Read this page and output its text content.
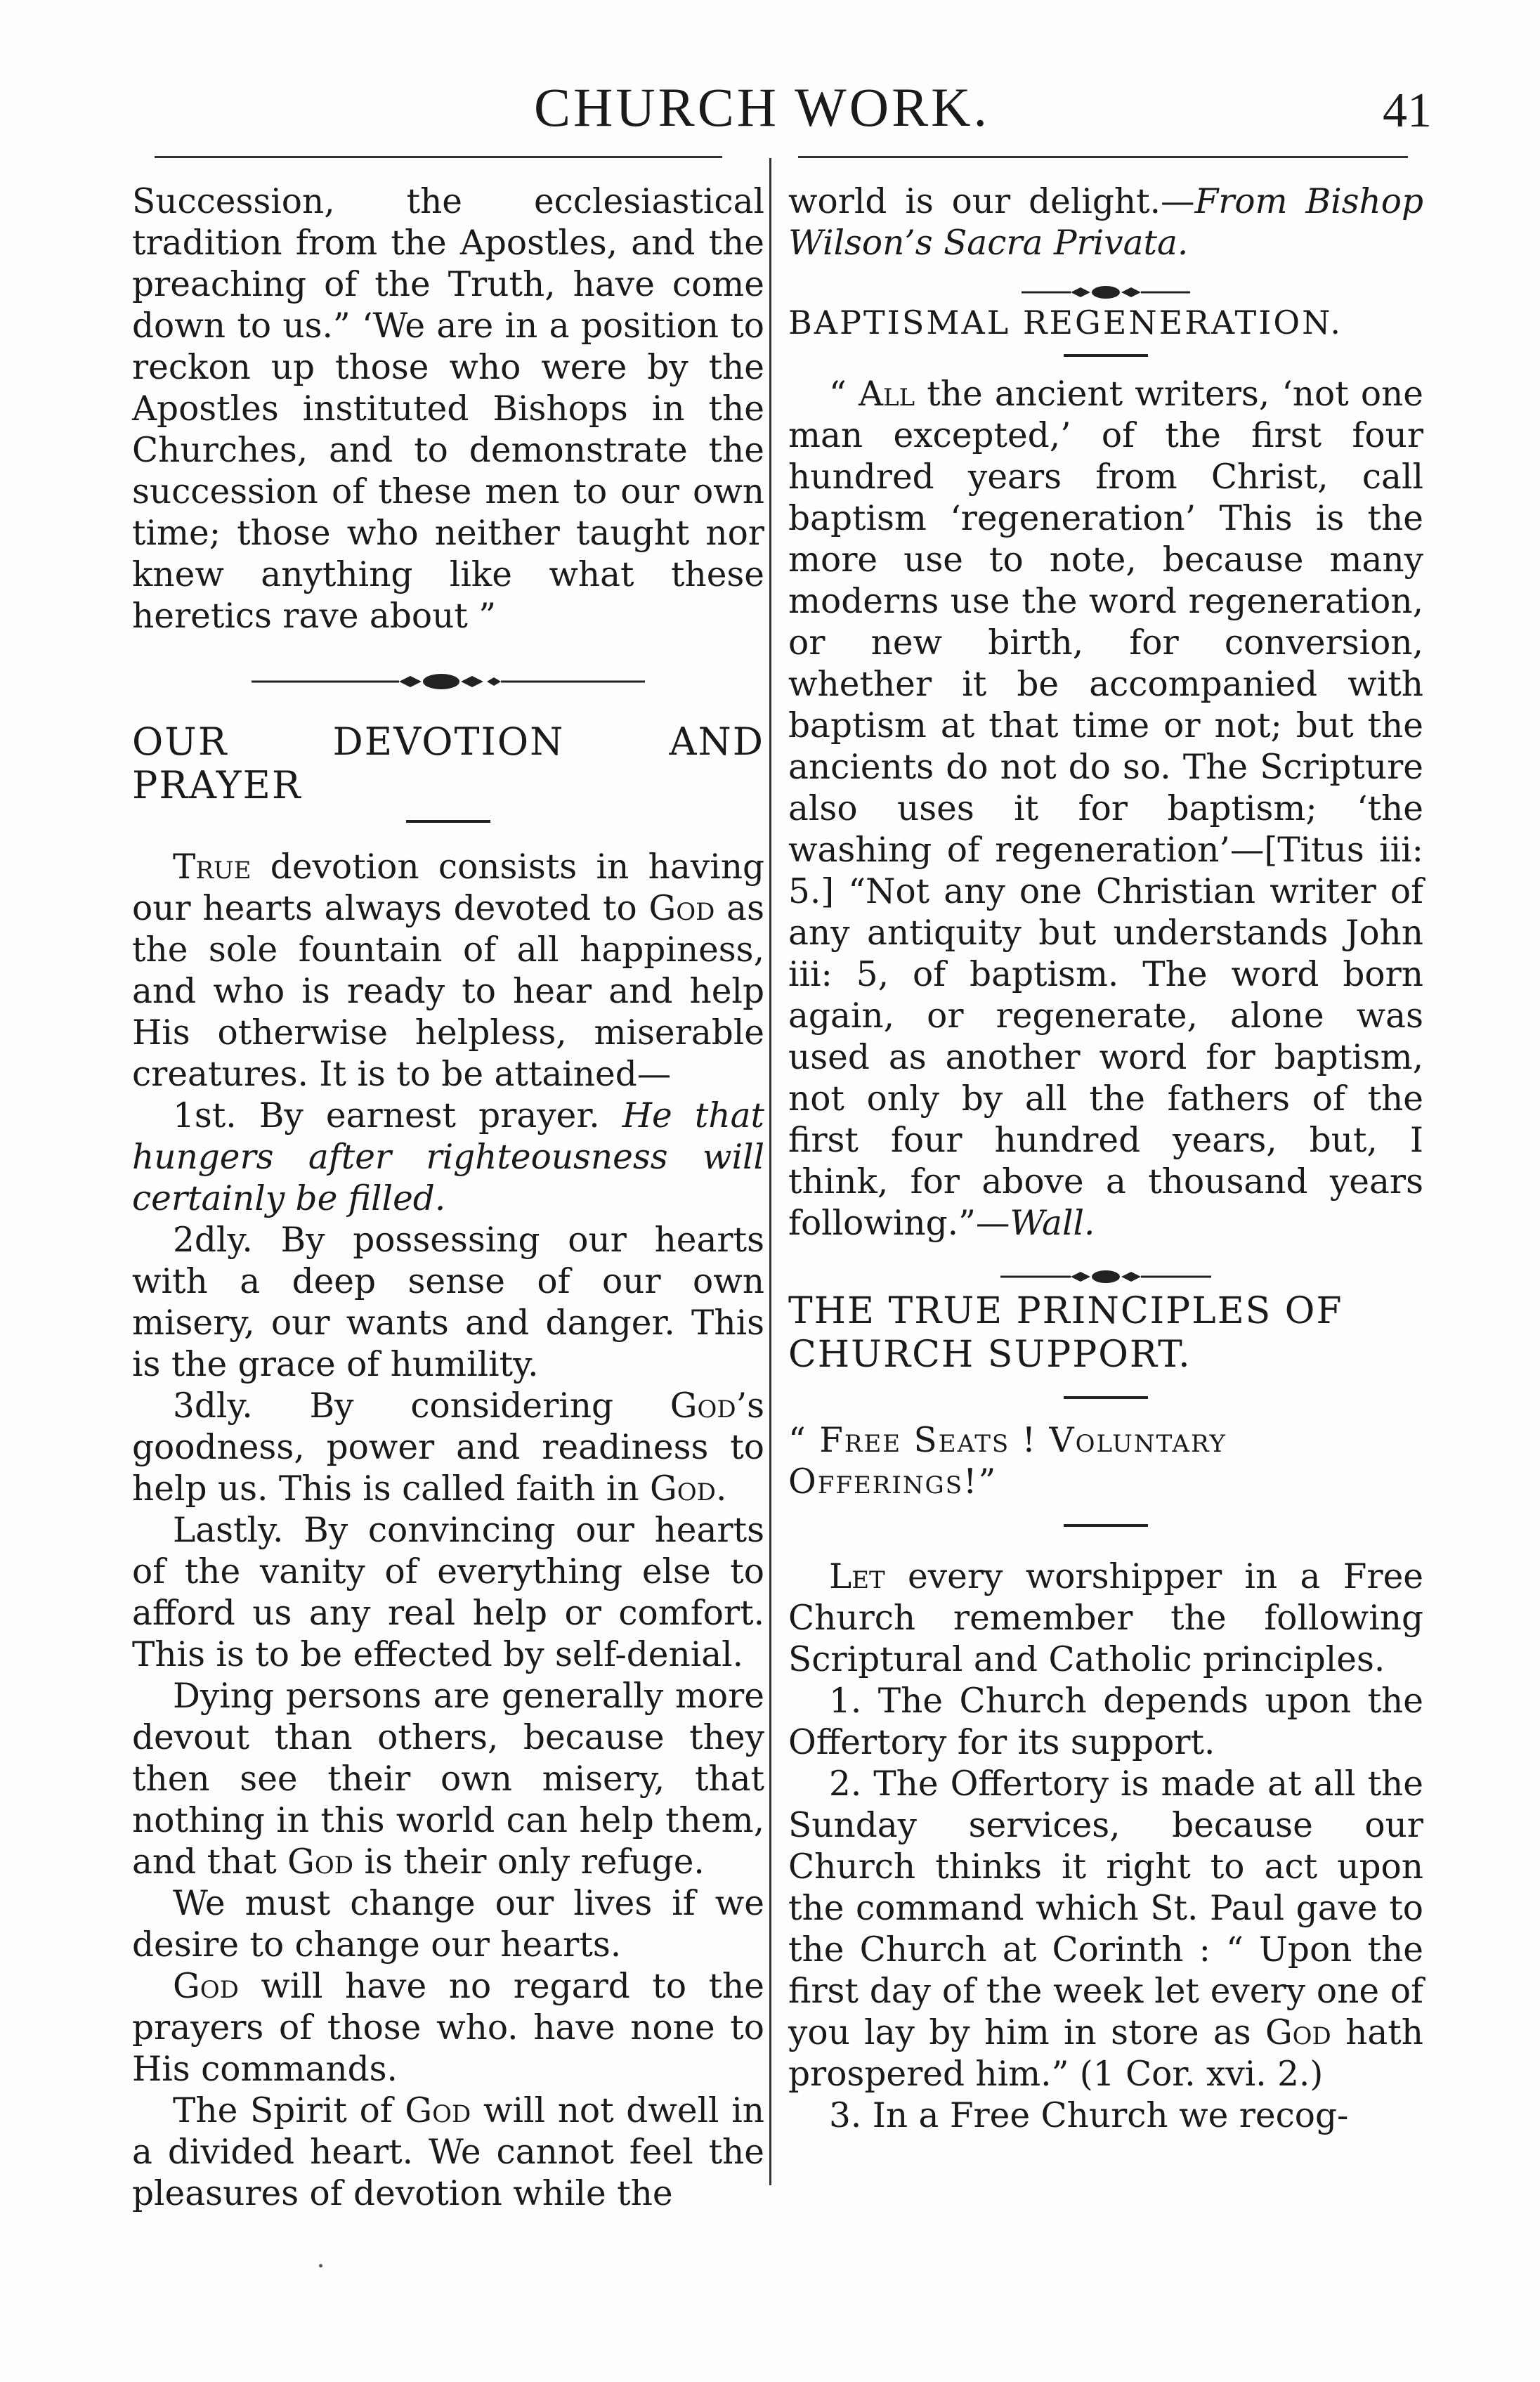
CHURCH WORK.	41

Succession, the ecclesiastical tradition from the Apostles, and the preaching of the Truth, have come down to us.” ‘We are in a position to reckon up those who were by the Apostles instituted Bishops in the Churches, and to demonstrate the succession of these men to our own time; those who neither taught nor knew anything like what these heretics rave about ”

OUR DEVOTION AND PRAYER

True devotion consists in having our hearts always devoted to God as the sole fountain of all happiness, and who is ready to hear and help His otherwise helpless, miserable creatures. It is to be attained—

1st. By earnest prayer. He that hungers after righteousness will certainly be filled.

2dly. By possessing our hearts with a deep sense of our own misery, our wants and danger. This is the grace of humility.

3dly. By considering God’s goodness, power and readiness to help us. This is called faith in God.

Lastly. By convincing our hearts of the vanity of everything else to afford us any real help or comfort. This is to be effected by self-denial.

Dying persons are generally more devout than others, because they then see their own misery, that nothing in this world can help them, and that God is their only refuge.

We must change our lives if we desire to change our hearts.

God will have no regard to the prayers of those who. have none to His commands.

The Spirit of God will not dwell in a divided heart. We cannot feel the pleasures of devotion while the

world is our delight.—From Bishop Wilson’s Sacra Privata.

BAPTISMAL REGENERATION.

“ All the ancient writers, ‘not one man excepted,’ of the first four hundred years from Christ, call baptism ‘regeneration’ This is the more use to note, because many moderns use the word regeneration, or new birth, for conversion, whether it be accompanied with baptism at that time or not; but the ancients do not do so. The Scripture also uses it for baptism; ‘the washing of regeneration’—[Titus iii: 5.] “Not any one Christian writer of any antiquity but understands John iii: 5, of baptism. The word born again, or regenerate, alone was used as another word for baptism, not only by all the fathers of the first four hundred years, but, I think, for above a thousand years following.”—Wall.

THE TRUE PRINCIPLES OF

CHURCH SUPPORT.

“ Free Seats ! Voluntary

Offerings!”

Let every worshipper in a Free Church remember the following Scriptural and Catholic principles.

1. The Church depends upon the Offertory for its support.

2. The Offertory is made at all the Sunday services, because our Church thinks it right to act upon the command which St. Paul gave to the Church at Corinth : “ Upon the first day of the week let every one of you lay by him in store as God hath prospered him.” (1 Cor. xvi. 2.)

3. In a Free Church we recog-
